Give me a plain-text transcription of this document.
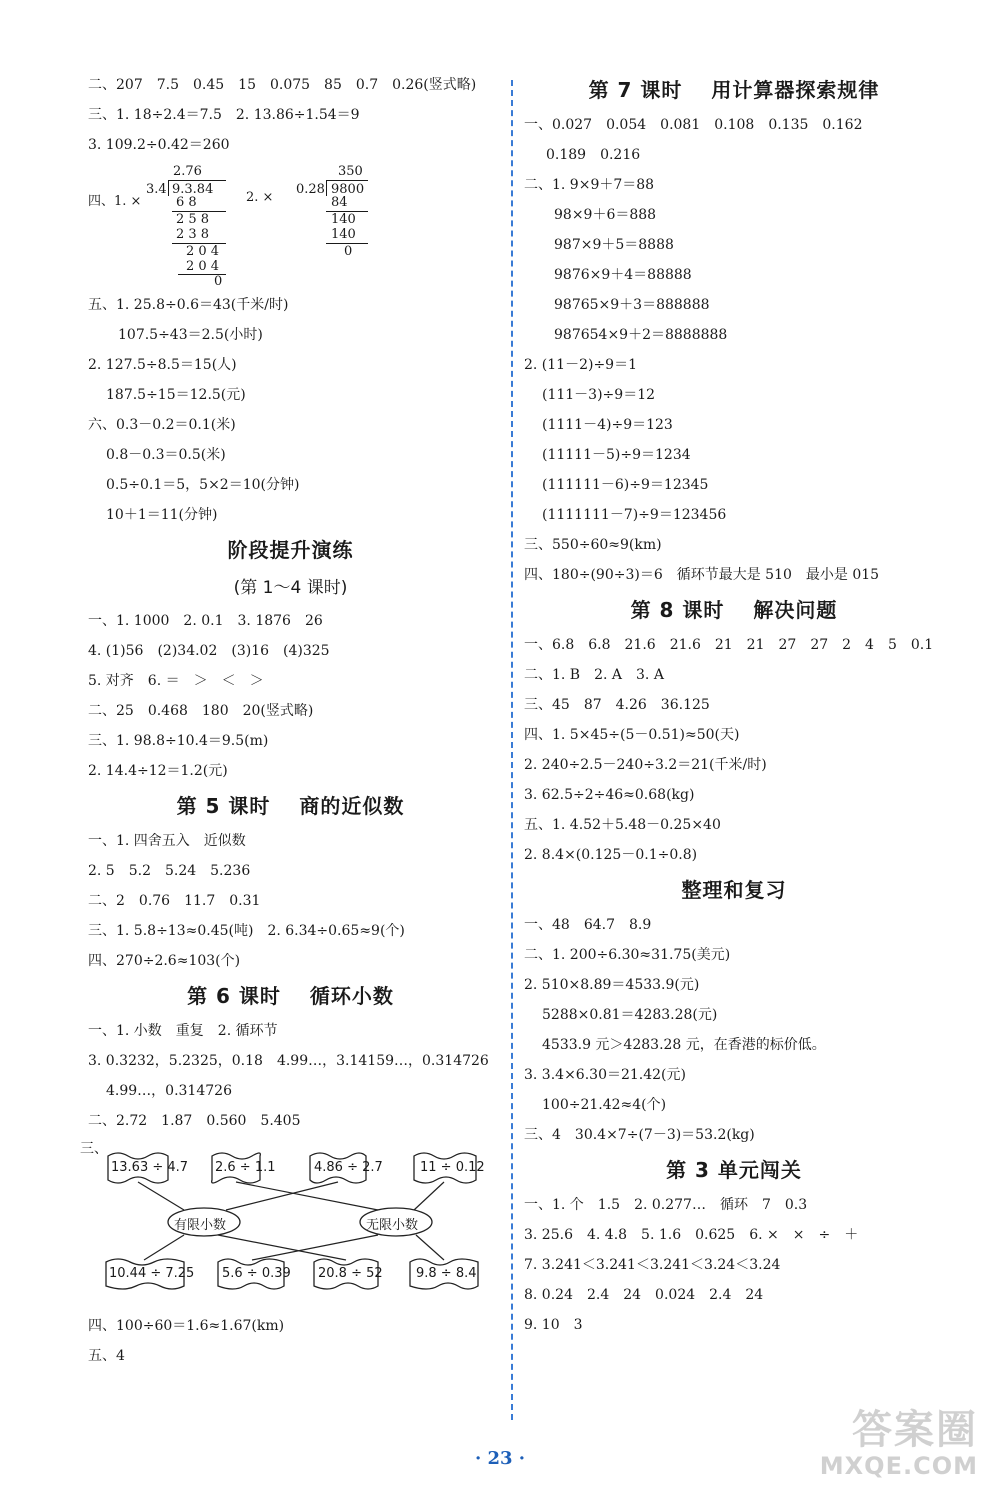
二、207　7.5　0.45　15　0.075　85　0.7　0.26(竖式略)
三、1. 18÷2.4＝7.5　2. 13.86÷1.54＝9
3. 109.2÷0.42＝260
四、1. ×
2.76
3.4 9.3.84
6 8
2 5 8
2 3 8
2 0 4
2 0 4
0
2. ×
350
0.28 9800
84
140
140
0
五、1. 25.8÷0.6＝43(千米/时)
107.5÷43＝2.5(小时)
2. 127.5÷8.5＝15(人)
187.5÷15＝12.5(元)
六、0.3－0.2＝0.1(米)
0.8－0.3＝0.5(米)
0.5÷0.1＝5，5×2＝10(分钟)
10＋1＝11(分钟)
阶段提升演练
(第 1～4 课时)
一、1. 1000　2. 0.1　3. 1876　26
4. (1)56　(2)34.02　(3)16　(4)325
5. 对齐　6. ＝　＞　＜　＞
二、25　0.468　180　20(竖式略)
三、1. 98.8÷10.4＝9.5(m)
2. 14.4÷12＝1.2(元)
第 5 课时　 商的近似数
一、1. 四舍五入　近似数
2. 5　5.2　5.24　5.236
二、2　0.76　11.7　0.31
三、1. 5.8÷13≈0.45(吨)　2. 6.34÷0.65≈9(个)
四、270÷2.6≈103(个)
第 6 课时　 循环小数
一、1. 小数　重复　2. 循环节
3. 0.3232，5.2325，0.18　4.99…，3.14159…，0.314726
4.99…，0.314726
二、2.72　1.87　0.560　5.405
三、
13.63 ÷ 4.7 2.6 ÷ 1.1	4.86 ÷ 2.7	11 ÷ 0.12
有限小数	无限小数
10.44 ÷ 7.25 5.6 ÷ 0.39 20.8 ÷ 52	9.8 ÷ 8.4
四、100÷60＝1.6≈1.67(km)
五、4
第 7 课时　 用计算器探索规律
一、0.027　0.054　0.081　0.108　0.135　0.162
0.189　0.216
二、1. 9×9＋7＝88
98×9＋6＝888
987×9＋5＝8888
9876×9＋4＝88888
98765×9＋3＝888888
987654×9＋2＝8888888
2. (11－2)÷9＝1
(111－3)÷9＝12
(1111－4)÷9＝123
(11111－5)÷9＝1234
(111111－6)÷9＝12345
(1111111－7)÷9＝123456
三、550÷60≈9(km)
四、180÷(90÷3)＝6　循环节最大是 510　最小是 015
第 8 课时　 解决问题
一、6.8　6.8　21.6　21.6　21　21　27　27　2　4　5　0.1
二、1. B　2. A　3. A
三、45　87　4.26　36.125
四、1. 5×45÷(5－0.51)≈50(天)
2. 240÷2.5－240÷3.2＝21(千米/时)
3. 62.5÷2÷46≈0.68(kg)
五、1. 4.52＋5.48－0.25×40
2. 8.4×(0.125－0.1÷0.8)
整理和复习
一、48　64.7　8.9
二、1. 200÷6.30≈31.75(美元)
2. 510×8.89＝4533.9(元)
5288×0.81＝4283.28(元)
4533.9 元＞4283.28 元，在香港的标价低。
3. 3.4×6.30＝21.42(元)
100÷21.42≈4(个)
三、4　30.4×7÷(7－3)＝53.2(kg)
第 3 单元闯关
一、1. 个　1.5　2. 0.277…　循环　7　0.3
3. 25.6　4. 4.8　5. 1.6　0.625　6. ×　×　÷　＋
7. 3.241＜3.241＜3.241＜3.24＜3.24
8. 0.24　2.4　24　0.024　2.4　24
9. 10　3
· 23 ·
答案圈
MXQE.COM
